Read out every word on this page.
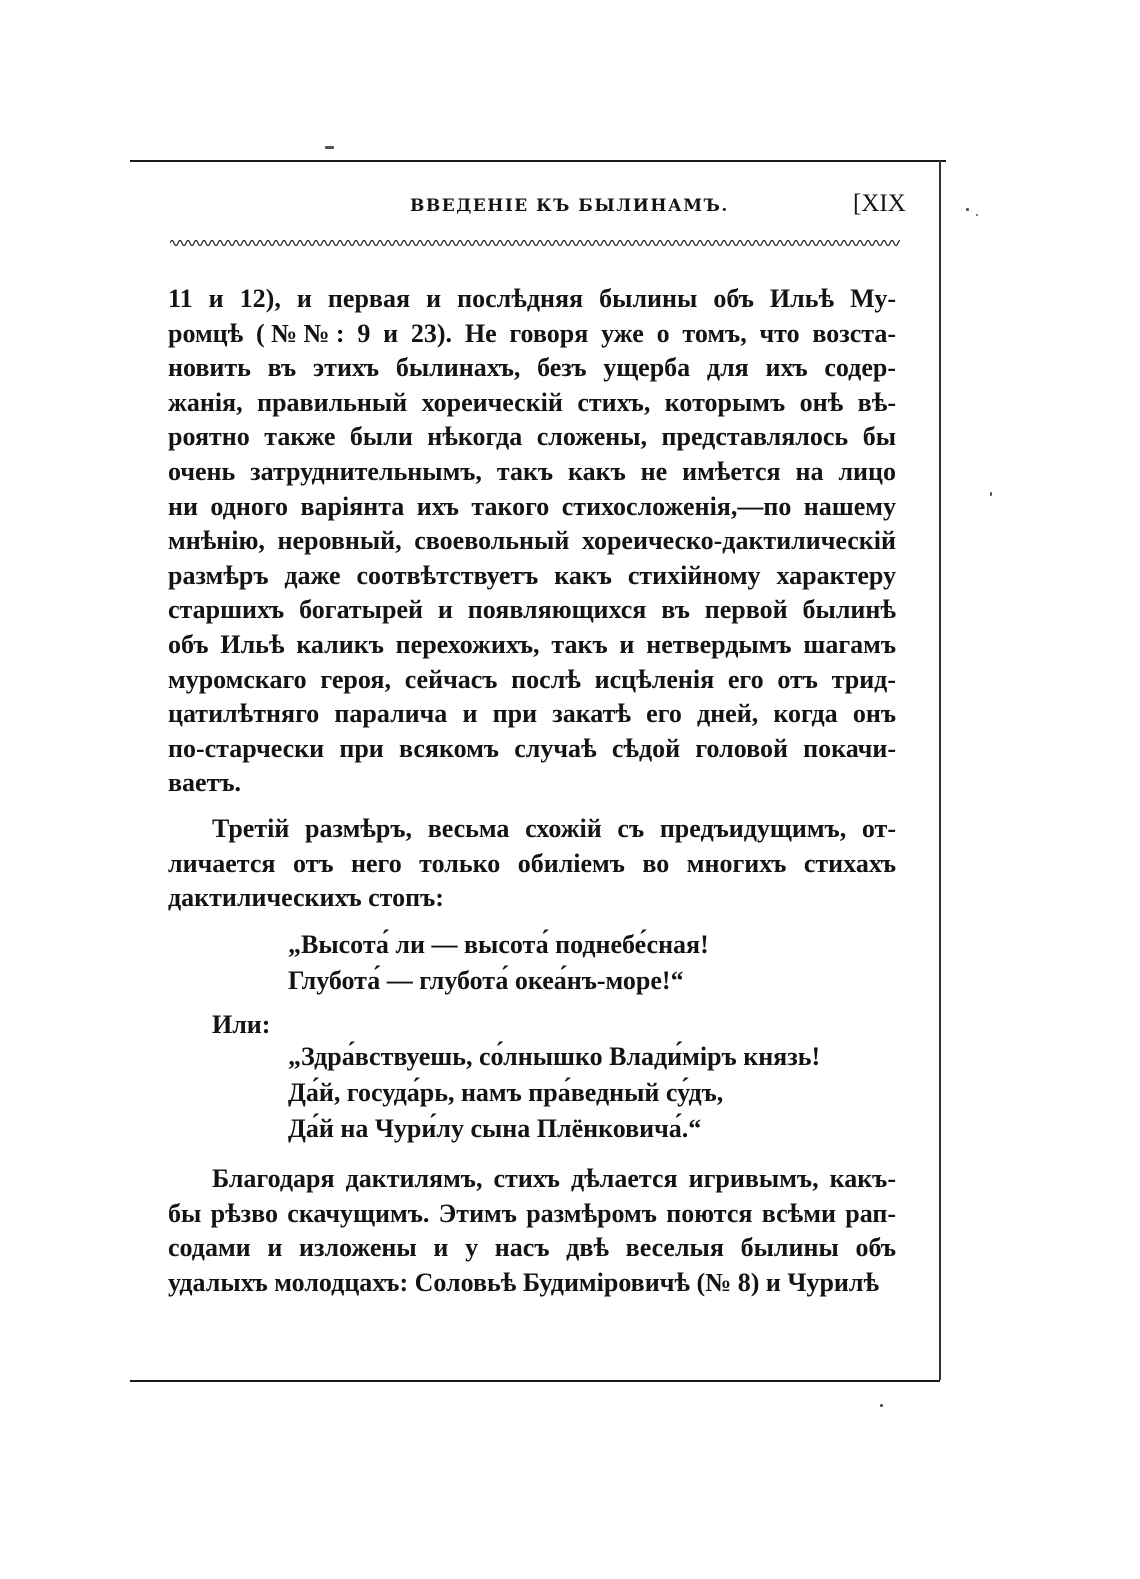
ВВЕДЕНІЕ КЪ БЫЛИНАМЪ.	[XIX

11 и 12), и первая и послѣдняя былины объ Ильѣ Му-

ромцѣ (№№: 9 и 23). Не говоря уже о томъ, что возста-

новить въ этихъ былинахъ, безъ ущерба для ихъ содер-

жанія, правильный хореическій стихъ, которымъ онѣ вѣ-

роятно также были нѣкогда сложены, представлялось бы

очень затруднительнымъ, такъ какъ не имѣется на лицо

ни одного варіянта ихъ такого стихосложенія,—по нашему

мнѣнію, неровный, своевольный хореическо-дактилическій

размѣръ даже соотвѣтствуетъ какъ стихійному характеру

старшихъ богатырей и появляющихся въ первой былинѣ

объ Ильѣ каликъ перехожихъ, такъ и нетвердымъ шагамъ

муромскаго героя, сейчасъ послѣ исцѣленія его отъ трид-

цатилѣтняго паралича и при закатѣ его дней, когда онъ

по-старчески при всякомъ случаѣ сѣдой головой покачи-

ваетъ.

Третій размѣръ, весьма схожій съ предъидущимъ, от-

личается отъ него только обиліемъ во многихъ стихахъ

дактилическихъ стопъ:

„Высота́ ли — высота́ поднебе́сная!

Глубота́ — глубота́ океа́нъ-море!“

Или:

„Здра́вствуешь, со́лнышко Влади́міръ князь!

Да́й, госуда́рь, намъ пра́ведный су́дъ,

Да́й на Чури́лу сына Плёнковича́.“

Благодаря дактилямъ, стихъ дѣлается игривымъ, какъ-

бы рѣзво скачущимъ. Этимъ размѣромъ поются всѣми рап-

содами и изложены и у насъ двѣ веселыя былины объ

удалыхъ молодцахъ: Соловьѣ Будиміровичѣ (№ 8) и Чурилѣ
